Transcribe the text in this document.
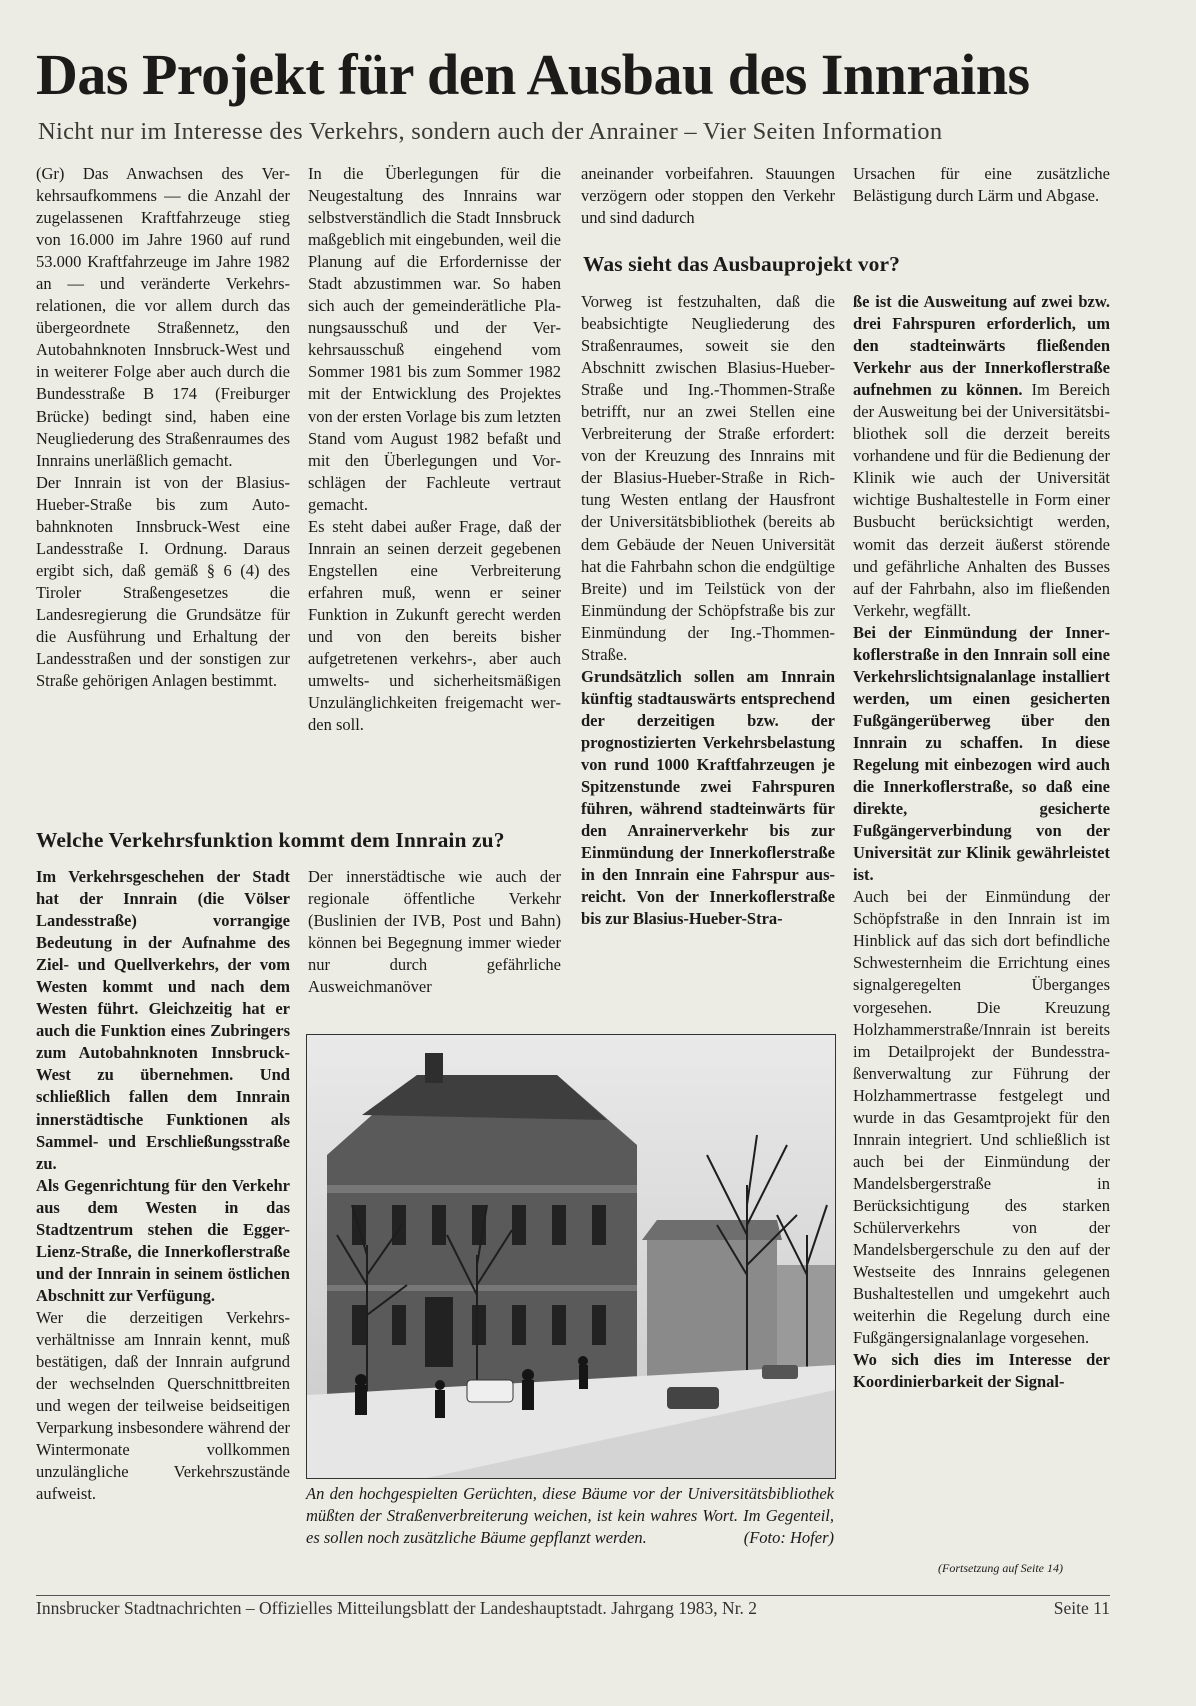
Das Projekt für den Ausbau des Innrains
Nicht nur im Interesse des Verkehrs, sondern auch der Anrainer – Vier Seiten Information

(Gr) Das Anwachsen des Verkehrsaufkommens — die Anzahl der zugelassenen Kraftfahrzeuge stieg von 16.000 im Jahre 1960 auf rund 53.000 Kraftfahrzeuge im Jahre 1982 an — und veränderte Verkehrsrelationen, die vor allem durch das übergeordnete Straßennetz, den Autobahnknoten Innsbruck-West und in weiterer Folge aber auch durch die Bundesstraße B 174 (Freiburger Brücke) bedingt sind, haben eine Neugliederung des Straßenraumes des Innrains unerläßlich gemacht.

Der Innrain ist von der Blasius-Hueber-Straße bis zum Autobahnknoten Innsbruck-West eine Landesstraße I. Ordnung. Daraus ergibt sich, daß gemäß § 6 (4) des Tiroler Straßengesetzes die Landesregierung die Grundsätze für die Ausführung und Erhaltung der Landesstraßen und der sonstigen zur Straße gehörigen Anlagen bestimmt.

In die Überlegungen für die Neugestaltung des Innrains war selbstverständlich die Stadt Innsbruck maßgeblich mit eingebunden, weil die Planung auf die Erfordernisse der Stadt abzustimmen war. So haben sich auch der gemeinderätliche Planungsausschuß und der Verkehrsausschuß eingehend vom Sommer 1981 bis zum Sommer 1982 mit der Entwicklung des Projektes von der ersten Vorlage bis zum letzten Stand vom August 1982 befaßt und mit den Überlegungen und Vorschlägen der Fachleute vertraut gemacht.

Es steht dabei außer Frage, daß der Innrain an seinen derzeit gegebenen Engstellen eine Verbreiterung erfahren muß, wenn er seiner Funktion in Zukunft gerecht werden und von den bereits bisher aufgetretenen verkehrs-, aber auch umwelts- und sicherheitsmäßigen Unzulänglichkeiten freigemacht werden soll.

Welche Verkehrsfunktion kommt dem Innrain zu?

Im Verkehrsgeschehen der Stadt hat der Innrain (die Völser Landesstraße) vorrangige Bedeutung in der Aufnahme des Ziel- und Quellverkehrs, der vom Westen kommt und nach dem Westen führt. Gleichzeitig hat er auch die Funktion eines Zubringers zum Autobahnknoten Innsbruck-West zu übernehmen. Und schließlich fallen dem Innrain innerstädtische Funktionen als Sammel- und Erschließungsstraße zu.

Als Gegenrichtung für den Verkehr aus dem Westen in das Stadtzentrum stehen die Egger-Lienz-Straße, die Innerkoflerstraße und der Innrain in seinem östlichen Abschnitt zur Verfügung.

Wer die derzeitigen Verkehrsverhältnisse am Innrain kennt, muß bestätigen, daß der Innrain aufgrund der wechselnden Querschnittbreiten und wegen der teilweise beidseitigen Verparkung insbesondere während der Wintermonate vollkommen unzulängliche Verkehrszustände aufweist.

Der innerstädtische wie auch der regionale öffentliche Verkehr (Buslinien der IVB, Post und Bahn) können bei Begegnung immer wieder nur durch gefährliche Ausweichmanöver

aneinander vorbeifahren. Stauungen verzögern oder stoppen den Verkehr und sind dadurch

Was sieht das Ausbauprojekt vor?

Vorweg ist festzuhalten, daß die beabsichtigte Neugliederung des Straßenraumes, soweit sie den Abschnitt zwischen Blasius-Hueber-Straße und Ing.-Thommen-Straße betrifft, nur an zwei Stellen eine Verbreiterung der Straße erfordert: von der Kreuzung des Innrains mit der Blasius-Hueber-Straße in Richtung Westen entlang der Hausfront der Universitätsbibliothek (bereits ab dem Gebäude der Neuen Universität hat die Fahrbahn schon die endgültige Breite) und im Teilstück von der Einmündung der Schöpfstraße bis zur Einmündung der Ing.-Thommen-Straße.

Grundsätzlich sollen am Innrain künftig stadtauswärts entsprechend der derzeitigen bzw. der prognostizierten Verkehrsbelastung von rund 1000 Kraftfahrzeugen je Spitzenstunde zwei Fahrspuren führen, während stadteinwärts für den Anrainerverkehr bis zur Einmündung der Innerkoflerstraße in den Innrain eine Fahrspur ausreicht. Von der Innerkoflerstraße bis zur Blasius-Hueber-Stra-

Ursachen für eine zusätzliche Belästigung durch Lärm und Abgase.

ße ist die Ausweitung auf zwei bzw. drei Fahrspuren erforderlich, um den stadteinwärts fließenden Verkehr aus der Innerkoflerstraße aufnehmen zu können. Im Bereich der Ausweitung bei der Universitätsbibliothek soll die derzeit bereits vorhandene und für die Bedienung der Klinik wie auch der Universität wichtige Bushaltestelle in Form einer Busbucht berücksichtigt werden, womit das derzeit äußerst störende und gefährliche Anhalten des Busses auf der Fahrbahn, also im fließenden Verkehr, wegfällt.

Bei der Einmündung der Innerkoflerstraße in den Innrain soll eine Verkehrslichtsignalanlage installiert werden, um einen gesicherten Fußgängerüberweg über den Innrain zu schaffen. In diese Regelung mit einbezogen wird auch die Innerkoflerstraße, so daß eine direkte, gesicherte Fußgängerverbindung von der Universität zur Klinik gewährleistet ist.

Auch bei der Einmündung der Schöpfstraße in den Innrain ist im Hinblick auf das sich dort befindliche Schwesternheim die Errichtung eines signalgeregelten Überganges vorgesehen. Die Kreuzung Holzhammerstraße/Innrain ist bereits im Detailprojekt der Bundesstraßenverwaltung zur Führung der Holzhammertrasse festgelegt und wurde in das Gesamtprojekt für den Innrain integriert. Und schließlich ist auch bei der Einmündung der Mandelsbergerstraße in Berücksichtigung des starken Schülerverkehrs von der Mandelsbergerschule zu den auf der Westseite des Innrains gelegenen Bushaltestellen und umgekehrt auch weiterhin die Regelung durch eine Fußgängersignalanlage vorgesehen.

Wo sich dies im Interesse der Koordinierbarkeit der Signal-

(Fortsetzung auf Seite 14)
An den hochgespielten Gerüchten, diese Bäume vor der Universitätsbibliothek müßten der Straßenverbreiterung weichen, ist kein wahres Wort. Im Gegenteil, es sollen noch zusätzliche Bäume gepflanzt werden.	(Foto: Hofer)
Innsbrucker Stadtnachrichten – Offizielles Mitteilungsblatt der Landeshauptstadt. Jahrgang 1983, Nr. 2	Seite 11
